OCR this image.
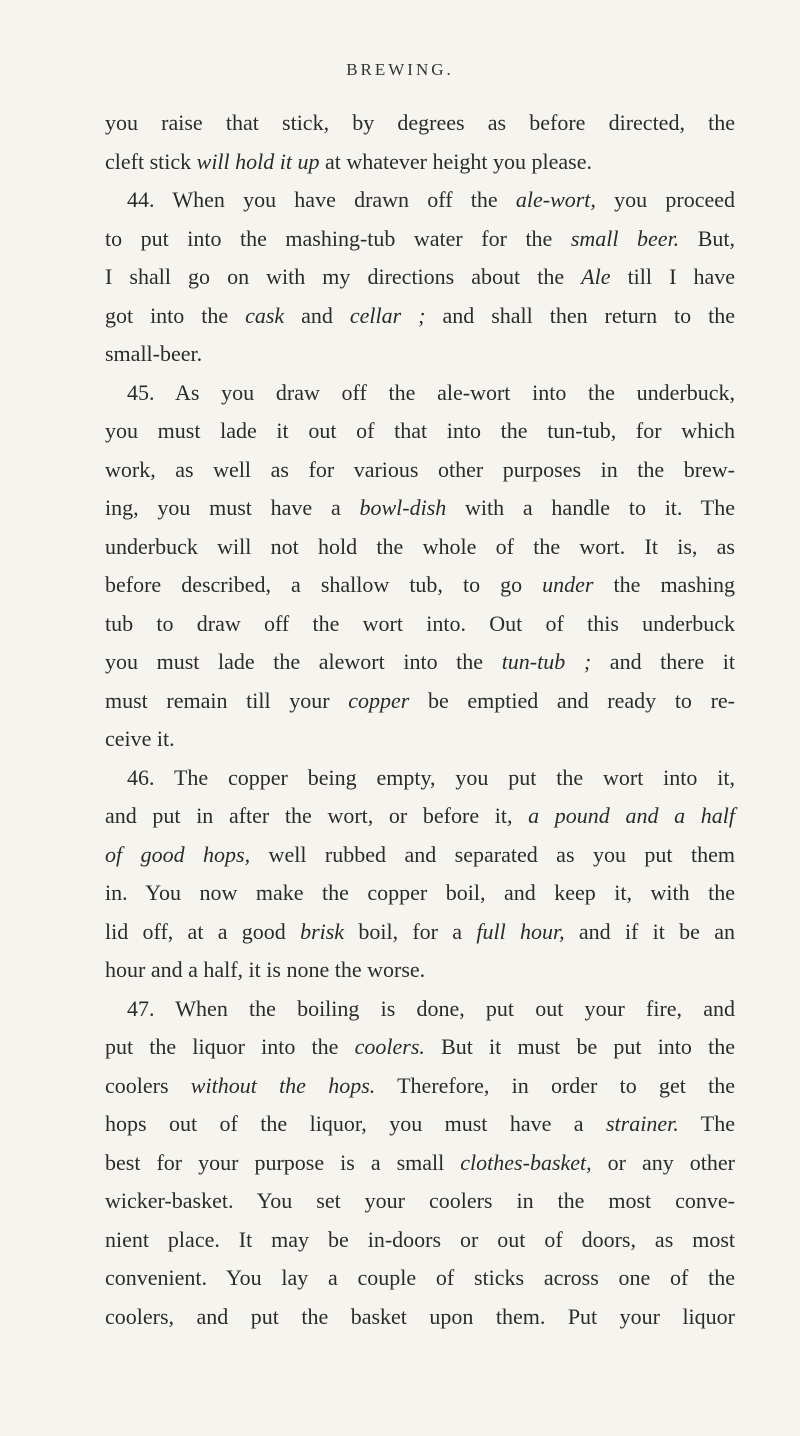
BREWING.
you raise that stick, by degrees as before directed, the
cleft stick will hold it up at whatever height you please.
44. When you have drawn off the ale-wort, you proceed
to put into the mashing-tub water for the small beer. But,
I shall go on with my directions about the Ale till I have
got into the cask and cellar ; and shall then return to the
small-beer.
45. As you draw off the ale-wort into the underbuck,
you must lade it out of that into the tun-tub, for which
work, as well as for various other purposes in the brew-
ing, you must have a bowl-dish with a handle to it. The
underbuck will not hold the whole of the wort. It is, as
before described, a shallow tub, to go under the mashing
tub to draw off the wort into. Out of this underbuck
you must lade the alewort into the tun-tub ; and there it
must remain till your copper be emptied and ready to re-
ceive it.
46. The copper being empty, you put the wort into it,
and put in after the wort, or before it, a pound and a half
of good hops, well rubbed and separated as you put them
in. You now make the copper boil, and keep it, with the
lid off, at a good brisk boil, for a full hour, and if it be an
hour and a half, it is none the worse.
47. When the boiling is done, put out your fire, and
put the liquor into the coolers. But it must be put into the
coolers without the hops. Therefore, in order to get the
hops out of the liquor, you must have a strainer. The
best for your purpose is a small clothes-basket, or any other
wicker-basket. You set your coolers in the most conve-
nient place. It may be in-doors or out of doors, as most
convenient. You lay a couple of sticks across one of the
coolers, and put the basket upon them. Put your liquor
